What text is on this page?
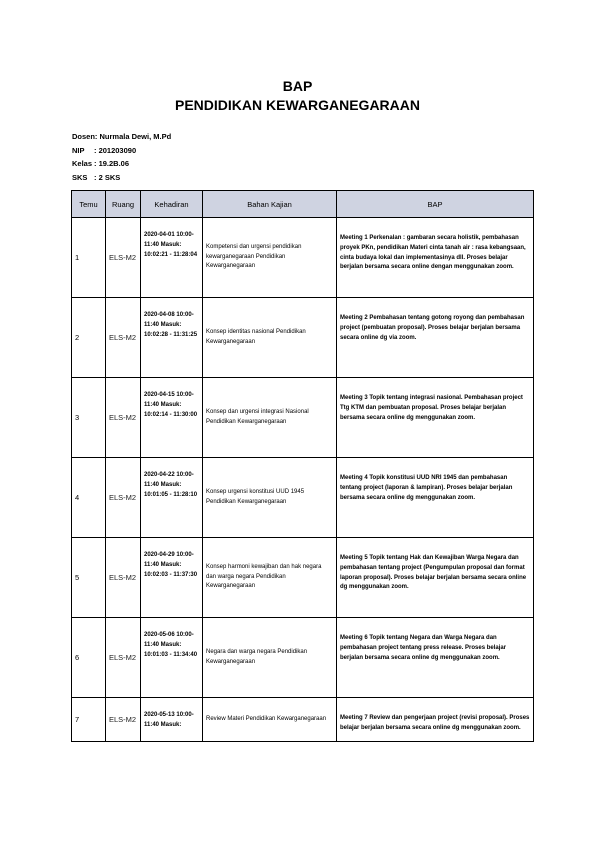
BAP
PENDIDIKAN KEWARGANEGARAAN
Dosen: Nurmala Dewi, M.Pd
NIP	: 201203090
Kelas : 19.2B.06
SKS : 2 SKS
Temu	Ruang	Kehadiran	Bahan Kajian	BAP
1	ELS-M2	2020-04-01 10:00-11:40 Masuk: 10:02:21 - 11:28:04	Kompetensi dan urgensi pendidikan kewarganegaraan Pendidikan Kewarganegaraan	Meeting 1 Perkenalan : gambaran secara holistik, pembahasan proyek PKn, pendidikan Materi cinta tanah air : rasa kebangsaan, cinta budaya lokal dan implementasinya dll. Proses belajar berjalan bersama secara online dengan menggunakan zoom.
2	ELS-M2	2020-04-08 10:00-11:40 Masuk: 10:02:28 - 11:31:25	Konsep identitas nasional Pendidikan Kewarganegaraan	Meeting 2 Pembahasan tentang gotong royong dan pembahasan project (pembuatan proposal). Proses belajar berjalan bersama secara online dg via zoom.
3	ELS-M2	2020-04-15 10:00-11:40 Masuk: 10:02:14 - 11:30:00	Konsep dan urgensi integrasi Nasional Pendidikan Kewarganegaraan	Meeting 3 Topik tentang integrasi nasional. Pembahasan project Ttg KTM dan pembuatan proposal. Proses belajar berjalan bersama secara online dg menggunakan zoom.
4	ELS-M2	2020-04-22 10:00-11:40 Masuk: 10:01:05 - 11:28:10	Konsep urgensi konstitusi UUD 1945 Pendidikan Kewarganegaraan	Meeting 4 Topik konstitusi UUD NRI 1945 dan pembahasan tentang project (laporan & lampiran). Proses belajar berjalan bersama secara online dg menggunakan zoom.
5	ELS-M2	2020-04-29 10:00-11:40 Masuk: 10:02:03 - 11:37:30	Konsep harmoni kewajiban dan hak negara dan warga negara Pendidikan Kewarganegaraan	Meeting 5 Topik tentang Hak dan Kewajiban Warga Negara dan pembahasan tentang project (Pengumpulan proposal dan format laporan proposal). Proses belajar berjalan bersama secara online dg menggunakan zoom.
6	ELS-M2	2020-05-06 10:00-11:40 Masuk: 10:01:03 - 11:34:40	Negara dan warga negara Pendidikan Kewarganegaraan	Meeting 6 Topik tentang Negara dan Warga Negara dan pembahasan project tentang press release. Proses belajar berjalan bersama secara online dg menggunakan zoom.
7	ELS-M2	2020-05-13 10:00-11:40 Masuk:	Review Materi Pendidikan Kewarganegaraan	Meeting 7 Review dan pengerjaan project (revisi proposal). Proses belajar berjalan bersama secara online dg menggunakan zoom.
